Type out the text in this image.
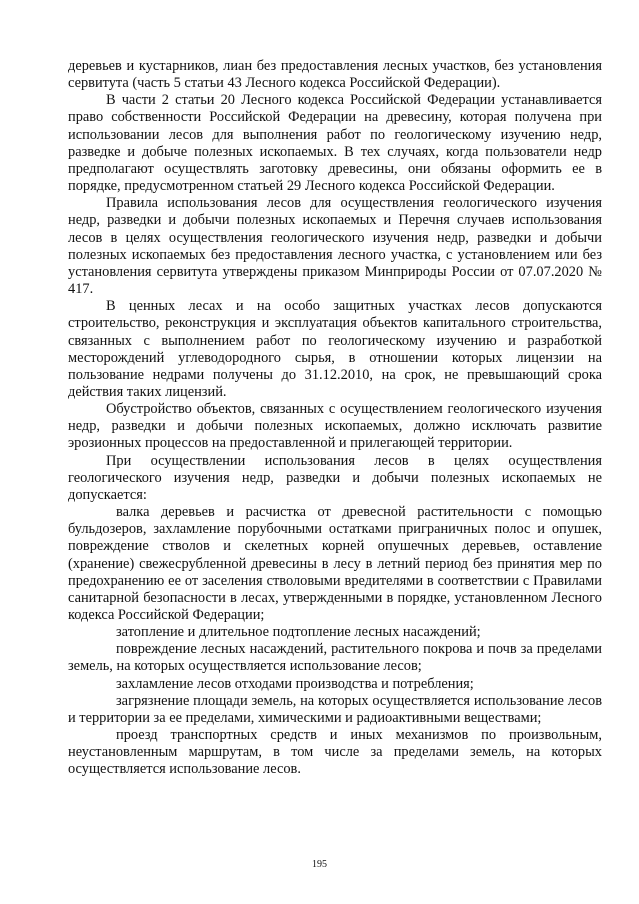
деревьев и кустарников, лиан без предоставления лесных участков, без установления сервитута (часть 5 статьи 43 Лесного кодекса Российской Федерации).

В части 2 статьи 20 Лесного кодекса Российской Федерации устанавливается право собственности Российской Федерации на древесину, которая получена при использовании лесов для выполнения работ по геологическому изучению недр, разведке и добыче полезных ископаемых. В тех случаях, когда пользователи недр предполагают осуществлять заготовку древесины, они обязаны оформить ее в порядке, предусмотренном статьей 29 Лесного кодекса Российской Федерации.

Правила использования лесов для осуществления геологического изучения недр, разведки и добычи полезных ископаемых и Перечня случаев использования лесов в целях осуществления геологического изучения недр, разведки и добычи полезных ископаемых без предоставления лесного участка, с установлением или без установления сервитута утверждены приказом Минприроды России от 07.07.2020 № 417.

В ценных лесах и на особо защитных участках лесов допускаются строительство, реконструкция и эксплуатация объектов капитального строительства, связанных с выполнением работ по геологическому изучению и разработкой месторождений углеводородного сырья, в отношении которых лицензии на пользование недрами получены до 31.12.2010, на срок, не превышающий срока действия таких лицензий.

Обустройство объектов, связанных с осуществлением геологического изучения недр, разведки и добычи полезных ископаемых, должно исключать развитие эрозионных процессов на предоставленной и прилегающей территории.

При осуществлении использования лесов в целях осуществления геологического изучения недр, разведки и добычи полезных ископаемых не допускается:

валка деревьев и расчистка от древесной растительности с помощью бульдозеров, захламление порубочными остатками приграничных полос и опушек, повреждение стволов и скелетных корней опушечных деревьев, оставление (хранение) свежесрубленной древесины в лесу в летний период без принятия мер по предохранению ее от заселения стволовыми вредителями в соответствии с Правилами санитарной безопасности в лесах, утвержденными в порядке, установленном Лесного кодекса Российской Федерации;

затопление и длительное подтопление лесных насаждений;

повреждение лесных насаждений, растительного покрова и почв за пределами земель, на которых осуществляется использование лесов;

захламление лесов отходами производства и потребления;

загрязнение площади земель, на которых осуществляется использование лесов и территории за ее пределами, химическими и радиоактивными веществами;

проезд транспортных средств и иных механизмов по произвольным, неустановленным маршрутам, в том числе за пределами земель, на которых осуществляется использование лесов.

195
